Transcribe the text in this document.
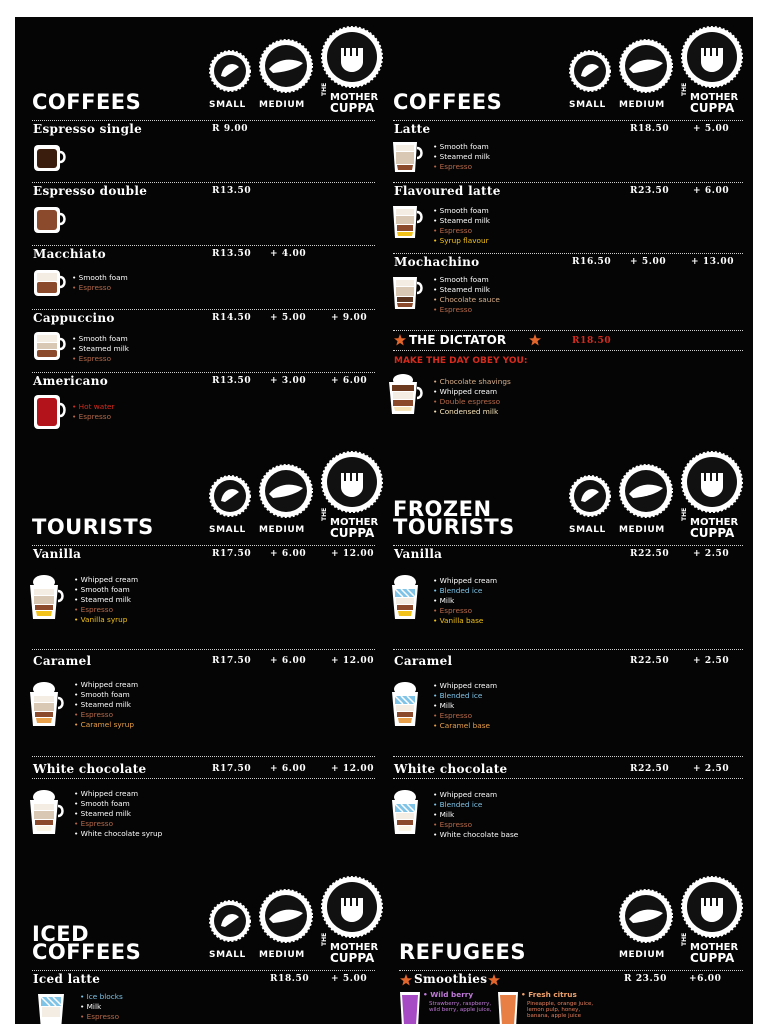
COFFEES	SMALL MEDIUM
THE
MOTHER
CUPPA
Espresso single	R 9.00
Espresso double	R13.50
Macchiato	R13.50 + 4.00
• Smooth foam
• Espresso
Cappuccino	R14.50 + 5.00	+ 9.00
• Smooth foam
• Steamed milk
• Espresso
Americano	R13.50 + 3.00	+ 6.00
• Hot water
• Espresso
COFFEES	SMALL MEDIUM
THE
MOTHER
CUPPA
Latte	R18.50	+ 5.00
• Smooth foam
• Steamed milk
• Espresso
Flavoured latte	R23.50	+ 6.00
• Smooth foam
• Steamed milk
• Espresso
• Syrup flavour
Mochachino	R16.50 + 5.00	+ 13.00
• Smooth foam
• Steamed milk
• Chocolate sauce
• Espresso
THE DICTATOR	R18.50
MAKE THE DAY OBEY YOU:
• Chocolate shavings
• Whipped cream
• Double espresso
• Condensed milk
TOURISTS	SMALL MEDIUM
THE
MOTHER
CUPPA
Vanilla	R17.50 + 6.00	+ 12.00
• Whipped cream
• Smooth foam
• Steamed milk
• Espresso
• Vanilla syrup
Caramel	R17.50 + 6.00	+ 12.00
• Whipped cream
• Smooth foam
• Steamed milk
• Espresso
• Caramel syrup
White chocolate	R17.50 + 6.00	+ 12.00
• Whipped cream
• Smooth foam
• Steamed milk
• Espresso
• White chocolate syrup
FROZEN
TOURISTS	SMALL MEDIUM
THE
MOTHER
CUPPA
Vanilla	R22.50	+ 2.50
• Whipped cream
• Blended ice
• Milk
• Espresso
• Vanilla base
Caramel	R22.50	+ 2.50
• Whipped cream
• Blended ice
• Milk
• Espresso
• Caramel base
White chocolate	R22.50	+ 2.50
• Whipped cream
• Blended ice
• Milk
• Espresso
• White chocolate base
ICED
COFFEES	SMALL MEDIUM
THE
MOTHER
CUPPA
Iced latte	R18.50 + 5.00
• Ice blocks
• Milk
• Espresso
REFUGEES	MEDIUM
THE
MOTHER
CUPPA
Smoothies	R 23.50 +6.00
• Wild berry
Strawberry, raspberry,
wild berry, apple juice,
• Fresh citrus
Pineapple, orange juice,
lemon pulp, honey,
banana, apple juice
